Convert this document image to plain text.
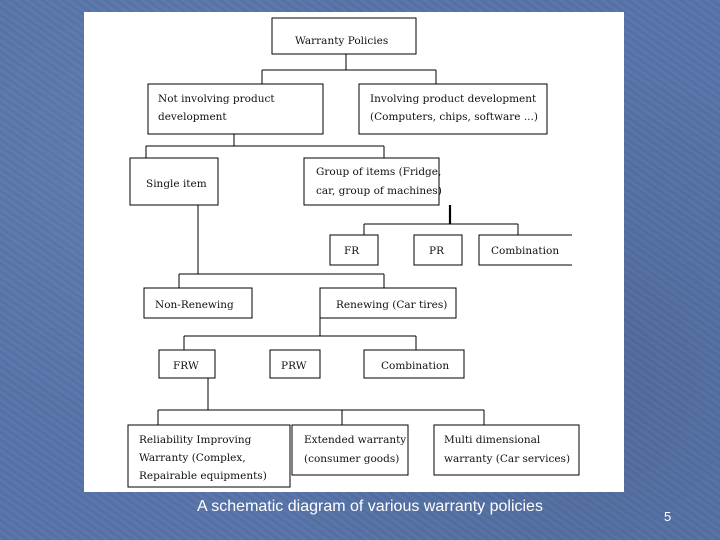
Warranty Policies
Not involving product
development
Involving product development
(Computers, chips, software ...)
Single item
Group of items (Fridge,
car, group of machines)
FR	PR	Combination
Non-Renewing	Renewing (Car tires)
FRW	PRW	Combination
Reliability Improving
Warranty (Complex,
Repairable equipments)
Extended warranty
(consumer goods)
Multi dimensional
warranty (Car services)
A schematic diagram of various warranty policies
5
